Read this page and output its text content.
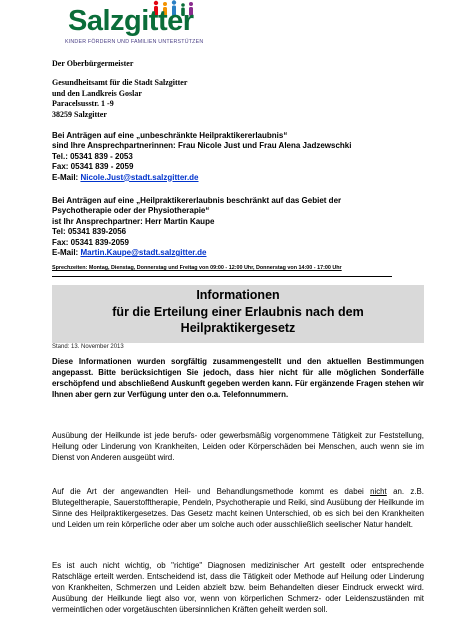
Salzgitter
KINDER FÖRDERN UND FAMILIEN UNTERSTÜTZEN
Der Oberbürgermeister
Gesundheitsamt für die Stadt Salzgitter
und den Landkreis Goslar
Paracelsusstr. 1 -9
38259 Salzgitter
Bei Anträgen auf eine „unbeschränkte Heilpraktikererlaubnis“
sind Ihre Ansprechpartnerinnen: Frau Nicole Just und Frau Alena Jadzewschki
Tel.: 05341 839 - 2053
Fax: 05341 839 - 2059
E-Mail: Nicole.Just@stadt.salzgitter.de
Bei Anträgen auf eine „Heilpraktikererlaubnis beschränkt auf das Gebiet der
Psychotherapie oder der Physiotherapie“
ist Ihr Ansprechpartner: Herr Martin Kaupe
Tel: 05341 839-2056
Fax: 05341 839-2059
E-Mail: Martin.Kaupe@stadt.salzgitter.de
Sprechzeiten: Montag, Dienstag, Donnerstag und Freitag von 09:00 - 12:00 Uhr, Donnerstag von 14:00 - 17:00 Uhr
Informationen
für die Erteilung einer Erlaubnis nach dem
Heilpraktikergesetz
Stand: 13. November 2013
Diese Informationen wurden sorgfältig zusammengestellt und den aktuellen Bestimmungen angepasst. Bitte berücksichtigen Sie jedoch, dass hier nicht für alle möglichen Sonderfälle erschöpfend und abschließend Auskunft gegeben werden kann. Für ergänzende Fragen stehen wir Ihnen aber gern zur Verfügung unter den o.a. Telefonnummern.
Ausübung der Heilkunde ist jede berufs- oder gewerbsmäßig vorgenommene Tätigkeit zur Feststellung, Heilung oder Linderung von Krankheiten, Leiden oder Körperschäden bei Menschen, auch wenn sie im Dienst von Anderen ausgeübt wird.
Auf die Art der angewandten Heil- und Behandlungsmethode kommt es dabei nicht an. z.B. Blutegeltherapie, Sauerstofftherapie, Pendeln, Psychotherapie und Reiki, sind Ausübung der Heilkunde im Sinne des Heilpraktikergesetzes. Das Gesetz macht keinen Unterschied, ob es sich bei den Krankheiten und Leiden um rein körperliche oder aber um solche auch oder ausschließlich seelischer Natur handelt.
Es ist auch nicht wichtig, ob "richtige" Diagnosen medizinischer Art gestellt oder entsprechende Ratschläge erteilt werden. Entscheidend ist, dass die Tätigkeit oder Methode auf Heilung oder Linderung von Krankheiten, Schmerzen und Leiden abzielt bzw. beim Behandelten dieser Eindruck erweckt wird. Ausübung der Heilkunde liegt also vor, wenn von körperlichen Schmerz- oder Leidenszuständen mit vermeintlichen oder vorgetäuschten übersinnlichen Kräften geheilt werden soll.
